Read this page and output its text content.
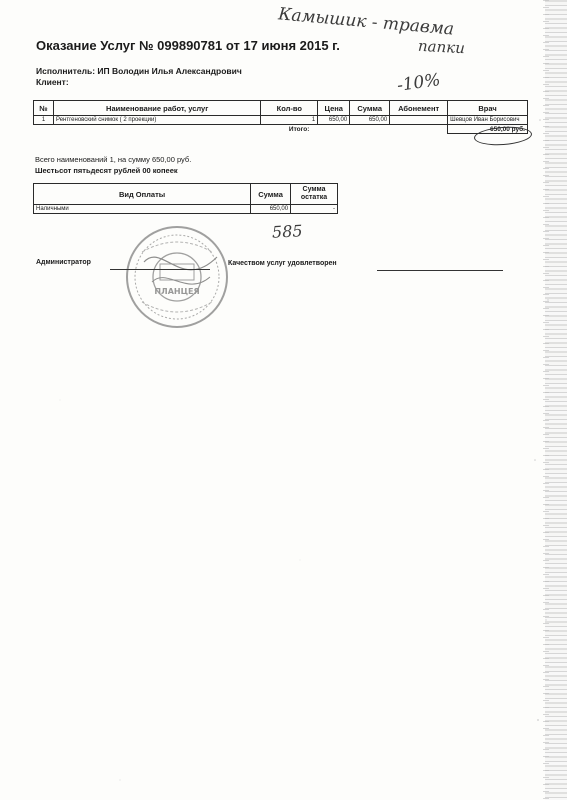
Камышик - травма
папки
Оказание Услуг № 099890781 от 17 июня 2015 г.
Исполнитель: ИП Володин Илья Александрович
Клиент:	-10%
№	Наименование работ, услуг	Кол-во	Цена	Сумма	Абонемент	Врач
1	Рентгеновский снимок ( 2 проекции)	1	650,00	650,00		Шевцов Иван Борисович
		Итого:				650,00 руб.
Всего наименований 1, на сумму 650,00 руб.
Шестьсот пятьдесят рублей 00 копеек
Вид Оплаты	Сумма	Сумма остатка
Наличными	650,00	-
585
ПЛАНЦЕЯ
Администратор	Качеством услуг удовлетворен
